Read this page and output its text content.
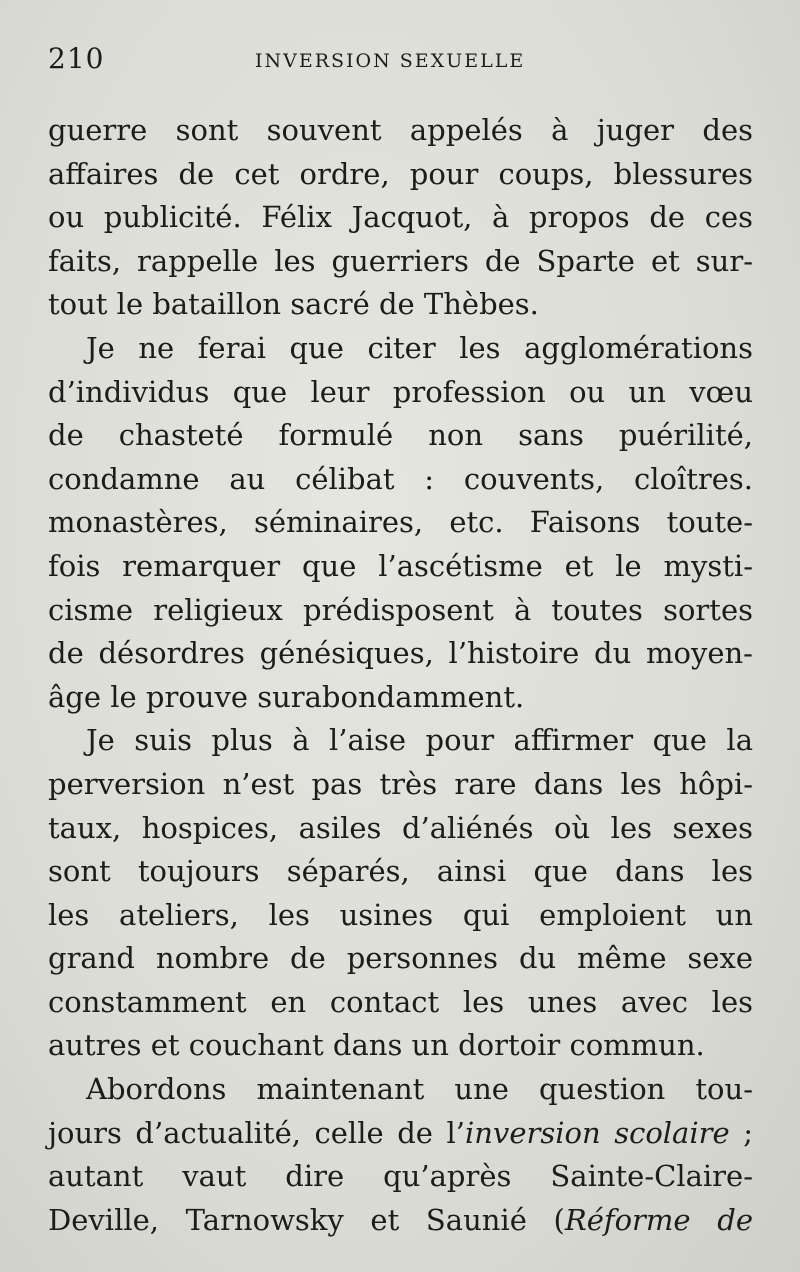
210	INVERSION SEXUELLE
guerre sont souvent appelés à juger des
affaires de cet ordre, pour coups, blessures
ou publicité. Félix Jacquot, à propos de ces
faits, rappelle les guerriers de Sparte et sur-
tout le bataillon sacré de Thèbes.
Je ne ferai que citer les agglomérations
d’individus que leur profession ou un vœu
de chasteté formulé non sans puérilité,
condamne au célibat : couvents, cloîtres.
monastères, séminaires, etc. Faisons toute-
fois remarquer que l’ascétisme et le mysti-
cisme religieux prédisposent à toutes sortes
de désordres génésiques, l’histoire du moyen-
âge le prouve surabondamment.
Je suis plus à l’aise pour affirmer que la
perversion n’est pas très rare dans les hôpi-
taux, hospices, asiles d’aliénés où les sexes
sont toujours séparés, ainsi que dans les
les ateliers, les usines qui emploient un
grand nombre de personnes du même sexe
constamment en contact les unes avec les
autres et couchant dans un dortoir commun.
Abordons maintenant une question tou-
jours d’actualité, celle de l’inversion scolaire ;
autant vaut dire qu’après Sainte-Claire-
Deville, Tarnowsky et Saunié (Réforme de
